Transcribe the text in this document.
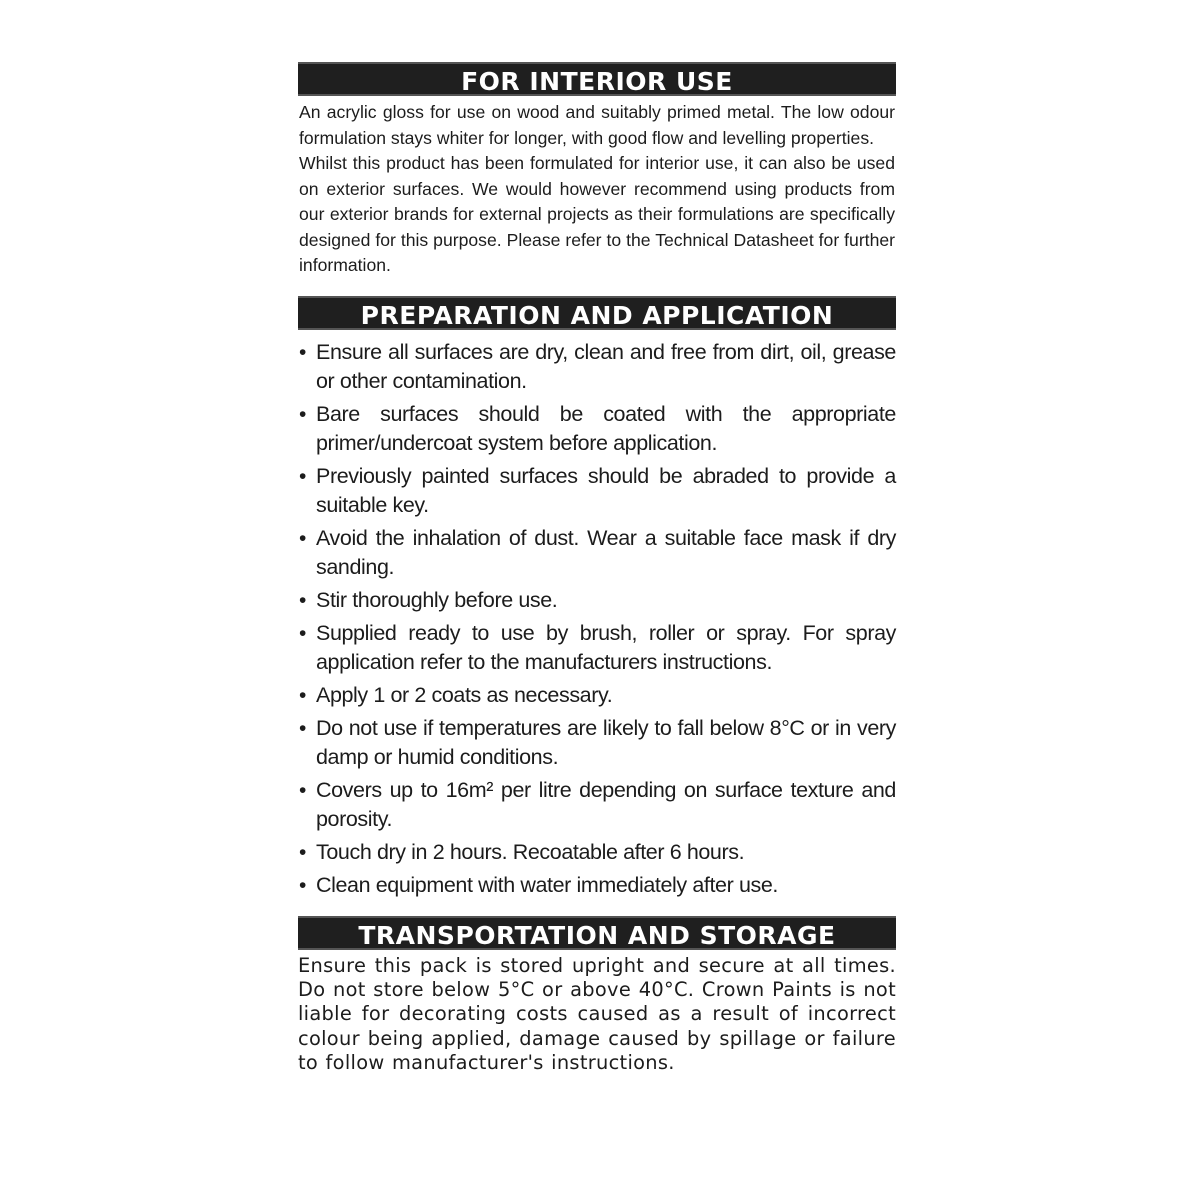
FOR INTERIOR USE

An acrylic gloss for use on wood and suitably primed metal. The low odour formulation stays whiter for longer, with good flow and levelling properties.

Whilst this product has been formulated for interior use, it can also be used on exterior surfaces. We would however recommend using products from our exterior brands for external projects as their formulations are specifically designed for this purpose. Please refer to the Technical Datasheet for further information.

PREPARATION AND APPLICATION
• Ensure all surfaces are dry, clean and free from dirt, oil, grease or other contamination.
• Bare surfaces should be coated with the appropriate primer/undercoat system before application.
• Previously painted surfaces should be abraded to provide a suitable key.
• Avoid the inhalation of dust. Wear a suitable face mask if dry sanding.
• Stir thoroughly before use.
• Supplied ready to use by brush, roller or spray. For spray application refer to the manufacturers instructions.
• Apply 1 or 2 coats as necessary.
• Do not use if temperatures are likely to fall below 8°C or in very damp or humid conditions.
• Covers up to 16m² per litre depending on surface texture and porosity.
• Touch dry in 2 hours. Recoatable after 6 hours.
• Clean equipment with water immediately after use.
TRANSPORTATION AND STORAGE

Ensure this pack is stored upright and secure at all times. Do not store below 5°C or above 40°C. Crown Paints is not liable for decorating costs caused as a result of incorrect colour being applied, damage caused by spillage or failure to follow manufacturer's instructions.
